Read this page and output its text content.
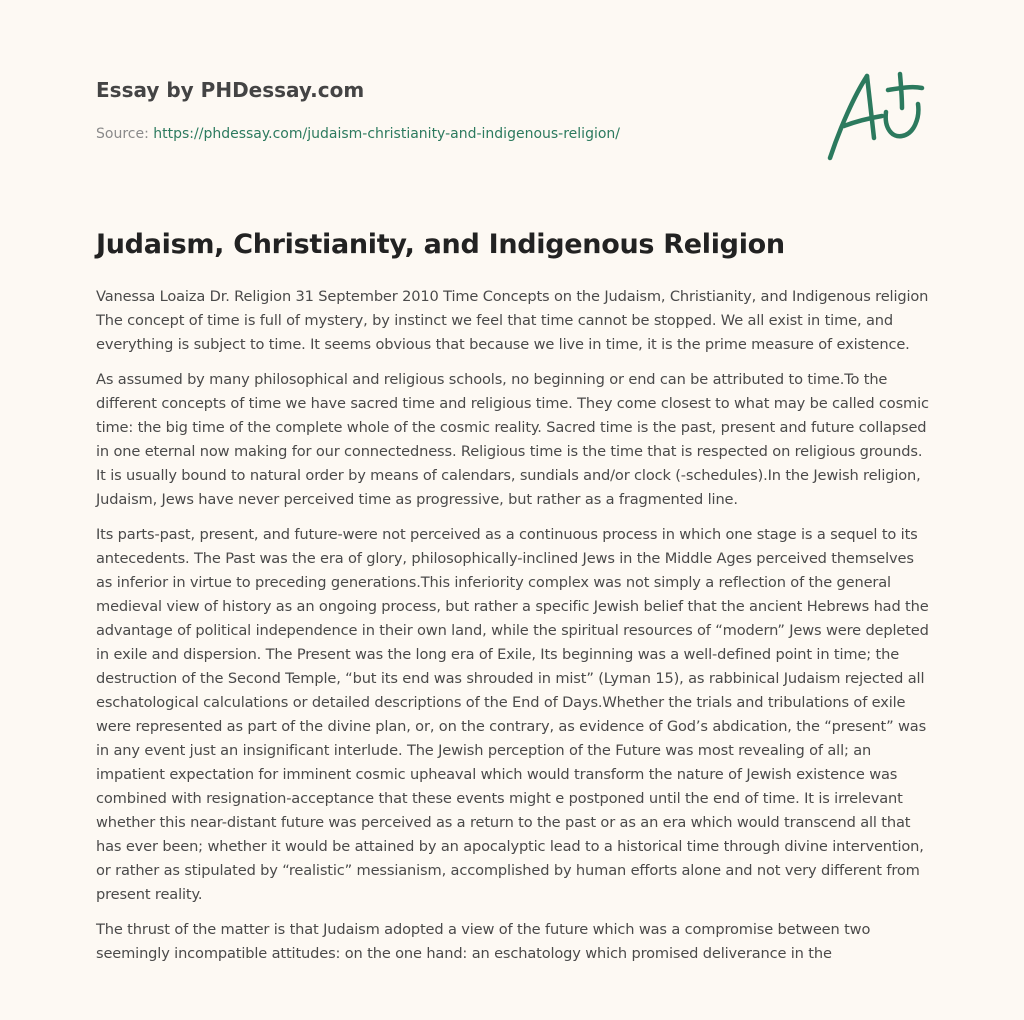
Essay by PHDessay.com
Source: https://phdessay.com/judaism-christianity-and-indigenous-religion/
Judaism, Christianity, and Indigenous Religion

Vanessa Loaiza Dr. Religion 31 September 2010 Time Concepts on the Judaism, Christianity, and Indigenous religion The concept of time is full of mystery, by instinct we feel that time cannot be stopped. We all exist in time, and everything is subject to time. It seems obvious that because we live in time, it is the prime measure of existence.

As assumed by many philosophical and religious schools, no beginning or end can be attributed to time.To the different concepts of time we have sacred time and religious time. They come closest to what may be called cosmic time: the big time of the complete whole of the cosmic reality. Sacred time is the past, present and future collapsed in one eternal now making for our connectedness. Religious time is the time that is respected on religious grounds. It is usually bound to natural order by means of calendars, sundials and/or clock (-schedules).In the Jewish religion, Judaism, Jews have never perceived time as progressive, but rather as a fragmented line.

Its parts-past, present, and future-were not perceived as a continuous process in which one stage is a sequel to its antecedents. The Past was the era of glory, philosophically-inclined Jews in the Middle Ages perceived themselves as inferior in virtue to preceding generations.This inferiority complex was not simply a reflection of the general medieval view of history as an ongoing process, but rather a specific Jewish belief that the ancient Hebrews had the advantage of political independence in their own land, while the spiritual resources of “modern” Jews were depleted in exile and dispersion. The Present was the long era of Exile, Its beginning was a well-defined point in time; the destruction of the Second Temple, “but its end was shrouded in mist” (Lyman 15), as rabbinical Judaism rejected all eschatological calculations or detailed descriptions of the End of Days.Whether the trials and tribulations of exile were represented as part of the divine plan, or, on the contrary, as evidence of God’s abdication, the “present” was in any event just an insignificant interlude. The Jewish perception of the Future was most revealing of all; an impatient expectation for imminent cosmic upheaval which would transform the nature of Jewish existence was combined with resignation-acceptance that these events might e postponed until the end of time. It is irrelevant whether this near-distant future was perceived as a return to the past or as an era which would transcend all that has ever been; whether it would be attained by an apocalyptic lead to a historical time through divine intervention, or rather as stipulated by “realistic” messianism, accomplished by human efforts alone and not very different from present reality.

The thrust of the matter is that Judaism adopted a view of the future which was a compromise between two seemingly incompatible attitudes: on the one hand: an eschatology which promised deliverance in the
